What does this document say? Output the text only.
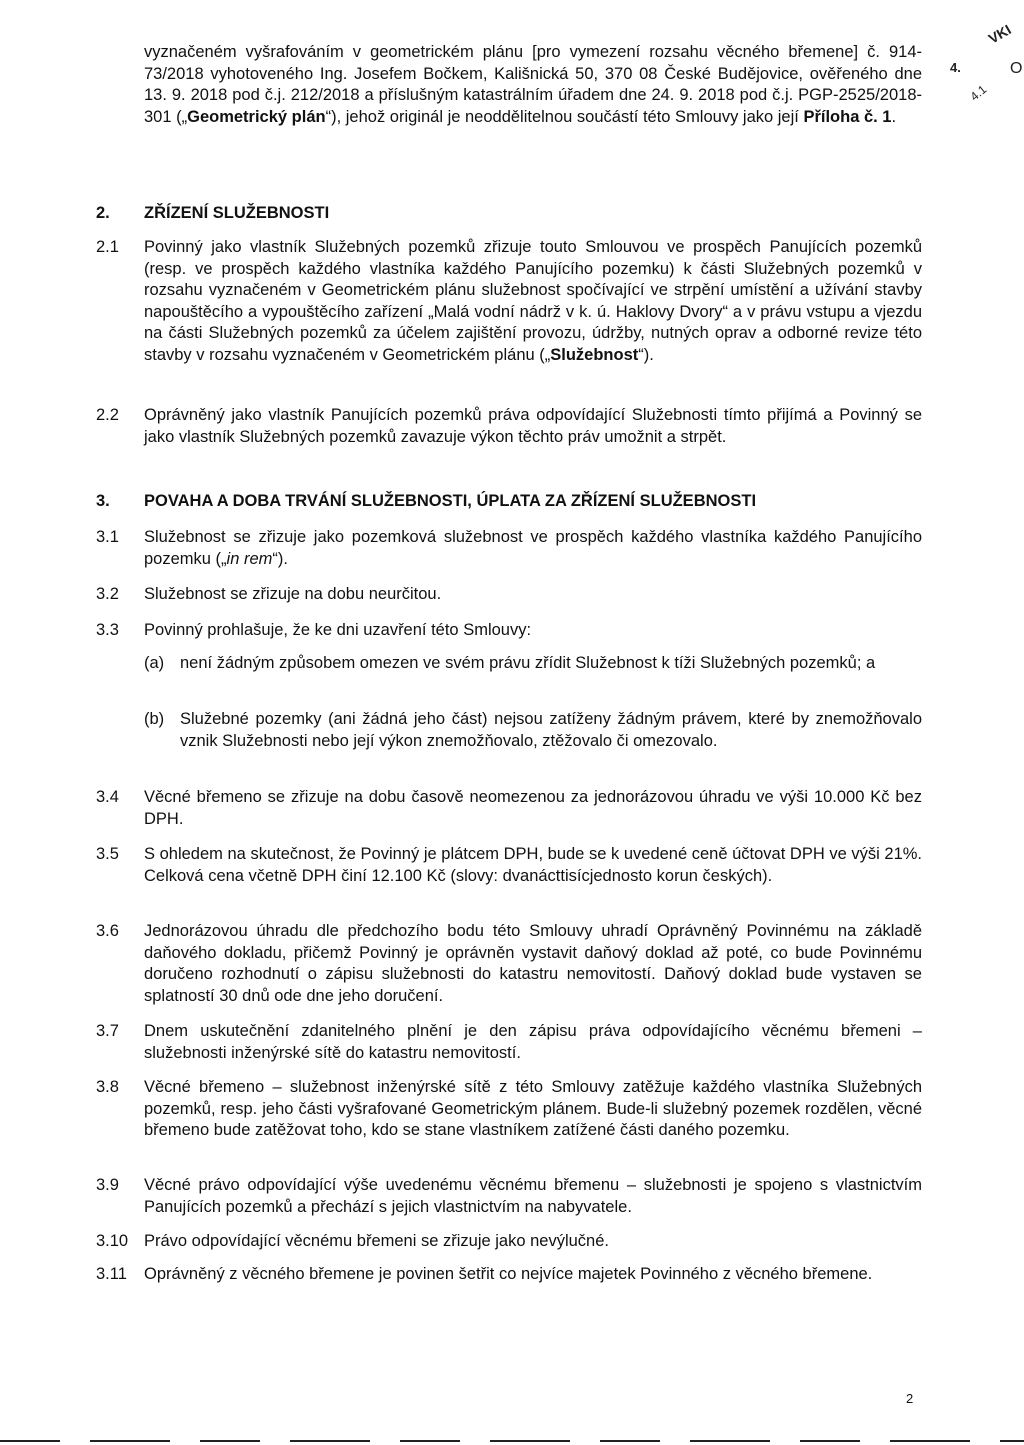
4.
4.1
VKI
O
vyznačeném vyšrafováním v geometrickém plánu [pro vymezení rozsahu věcného břemene] č. 914-73/2018 vyhotoveného Ing. Josefem Bočkem, Kališnická 50, 370 08 České Budějovice, ověřeného dne 13. 9. 2018 pod č.j. 212/2018 a příslušným katastrálním úřadem dne 24. 9. 2018 pod č.j. PGP-2525/2018-301 („Geometrický plán“), jehož originál je neoddělitelnou součástí této Smlouvy jako její Příloha č. 1.
2. ZŘÍZENÍ SLUŽEBNOSTI
2.1	Povinný jako vlastník Služebných pozemků zřizuje touto Smlouvou ve prospěch Panujících pozemků (resp. ve prospěch každého vlastníka každého Panujícího pozemku) k části Služebných pozemků v rozsahu vyznačeném v Geometrickém plánu služebnost spočívající ve strpění umístění a užívání stavby napouštěcího a vypouštěcího zařízení „Malá vodní nádrž v k. ú. Haklovy Dvory“ a v právu vstupu a vjezdu na části Služebných pozemků za účelem zajištění provozu, údržby, nutných oprav a odborné revize této stavby v rozsahu vyznačeném v Geometrickém plánu („Služebnost“).
2.2	Oprávněný jako vlastník Panujících pozemků práva odpovídající Služebnosti tímto přijímá a Povinný se jako vlastník Služebných pozemků zavazuje výkon těchto práv umožnit a strpět.
3. POVAHA A DOBA TRVÁNÍ SLUŽEBNOSTI, ÚPLATA ZA ZŘÍZENÍ SLUŽEBNOSTI
3.1	Služebnost se zřizuje jako pozemková služebnost ve prospěch každého vlastníka každého Panujícího pozemku („in rem“).
3.2	Služebnost se zřizuje na dobu neurčitou.
3.3	Povinný prohlašuje, že ke dni uzavření této Smlouvy:
(a) není žádným způsobem omezen ve svém právu zřídit Služebnost k tíži Služebných pozemků; a
(b) Služebné pozemky (ani žádná jeho část) nejsou zatíženy žádným právem, které by znemožňovalo vznik Služebnosti nebo její výkon znemožňovalo, ztěžovalo či omezovalo.
3.4	Věcné břemeno se zřizuje na dobu časově neomezenou za jednorázovou úhradu ve výši 10.000 Kč bez DPH.
3.5	S ohledem na skutečnost, že Povinný je plátcem DPH, bude se k uvedené ceně účtovat DPH ve výši 21%. Celková cena včetně DPH činí 12.100 Kč (slovy: dvanácttisícjednosto korun českých).
3.6	Jednorázovou úhradu dle předchozího bodu této Smlouvy uhradí Oprávněný Povinnému na základě daňového dokladu, přičemž Povinný je oprávněn vystavit daňový doklad až poté, co bude Povinnému doručeno rozhodnutí o zápisu služebnosti do katastru nemovitostí. Daňový doklad bude vystaven se splatností 30 dnů ode dne jeho doručení.
3.7	Dnem uskutečnění zdanitelného plnění je den zápisu práva odpovídajícího věcnému břemeni – služebnosti inženýrské sítě do katastru nemovitostí.
3.8	Věcné břemeno – služebnost inženýrské sítě z této Smlouvy zatěžuje každého vlastníka Služebných pozemků, resp. jeho části vyšrafované Geometrickým plánem. Bude-li služebný pozemek rozdělen, věcné břemeno bude zatěžovat toho, kdo se stane vlastníkem zatížené části daného pozemku.
3.9	Věcné právo odpovídající výše uvedenému věcnému břemenu – služebnosti je spojeno s vlastnictvím Panujících pozemků a přechází s jejich vlastnictvím na nabyvatele.
3.10 Právo odpovídající věcnému břemeni se zřizuje jako nevýlučné.
3.11	Oprávněný z věcného břemene je povinen šetřit co nejvíce majetek Povinného z věcného břemene.
2
